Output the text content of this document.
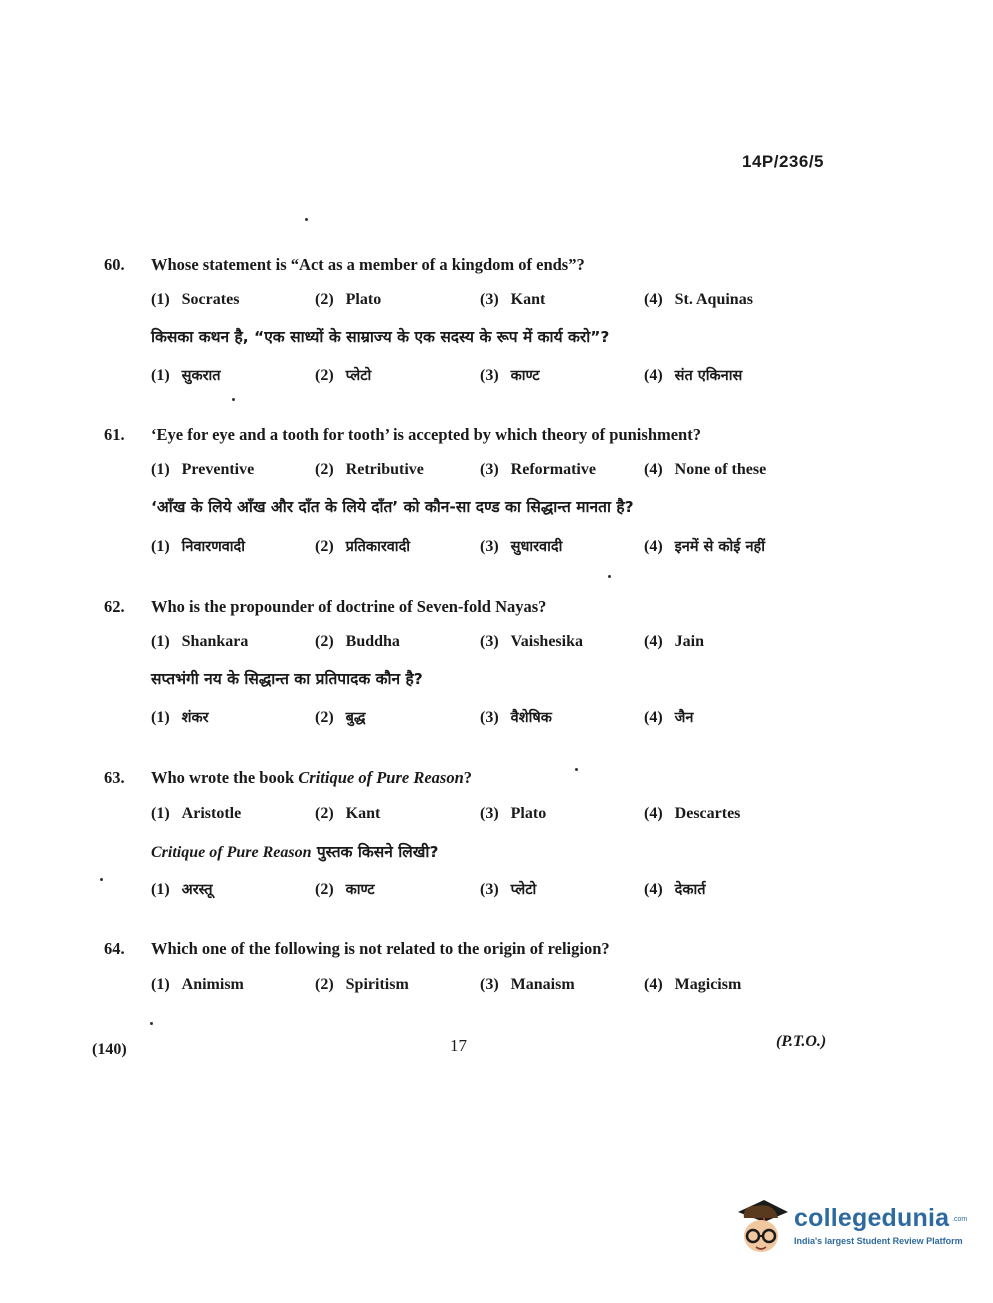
14P/236/5
60. Whose statement is “Act as a member of a kingdom of ends”?
(1) Socrates	(2) Plato	(3) Kant	(4) St. Aquinas
किसका कथन है, “एक साध्यों के साम्राज्य के एक सदस्य के रूप में कार्य करो”?
(1) सुकरात	(2) प्लेटो	(3) काण्ट	(4) संत एकिनास
61. ‘Eye for eye and a tooth for tooth’ is accepted by which theory of punishment?
(1) Preventive	(2) Retributive	(3) Reformative	(4) None of these
‘आँख के लिये आँख और दाँत के लिये दाँत’ को कौन-सा दण्ड का सिद्धान्त मानता है?
(1) निवारणवादी	(2) प्रतिकारवादी	(3) सुधारवादी	(4) इनमें से कोई नहीं
62. Who is the propounder of doctrine of Seven-fold Nayas?
(1) Shankara	(2) Buddha	(3) Vaishesika	(4) Jain
सप्तभंगी नय के सिद्धान्त का प्रतिपादक कौन है?
(1) शंकर	(2) बुद्ध	(3) वैशेषिक	(4) जैन
63. Who wrote the book Critique of Pure Reason?
(1) Aristotle	(2) Kant	(3) Plato	(4) Descartes
Critique of Pure Reason पुस्तक किसने लिखी?
(1) अरस्तू	(2) काण्ट	(3) प्लेटो	(4) देकार्त
64. Which one of the following is not related to the origin of religion?
(1) Animism	(2) Spiritism	(3) Manaism	(4) Magicism
(140)	17	(P.T.O.)
collegedunia .com
India's largest Student Review Platform
